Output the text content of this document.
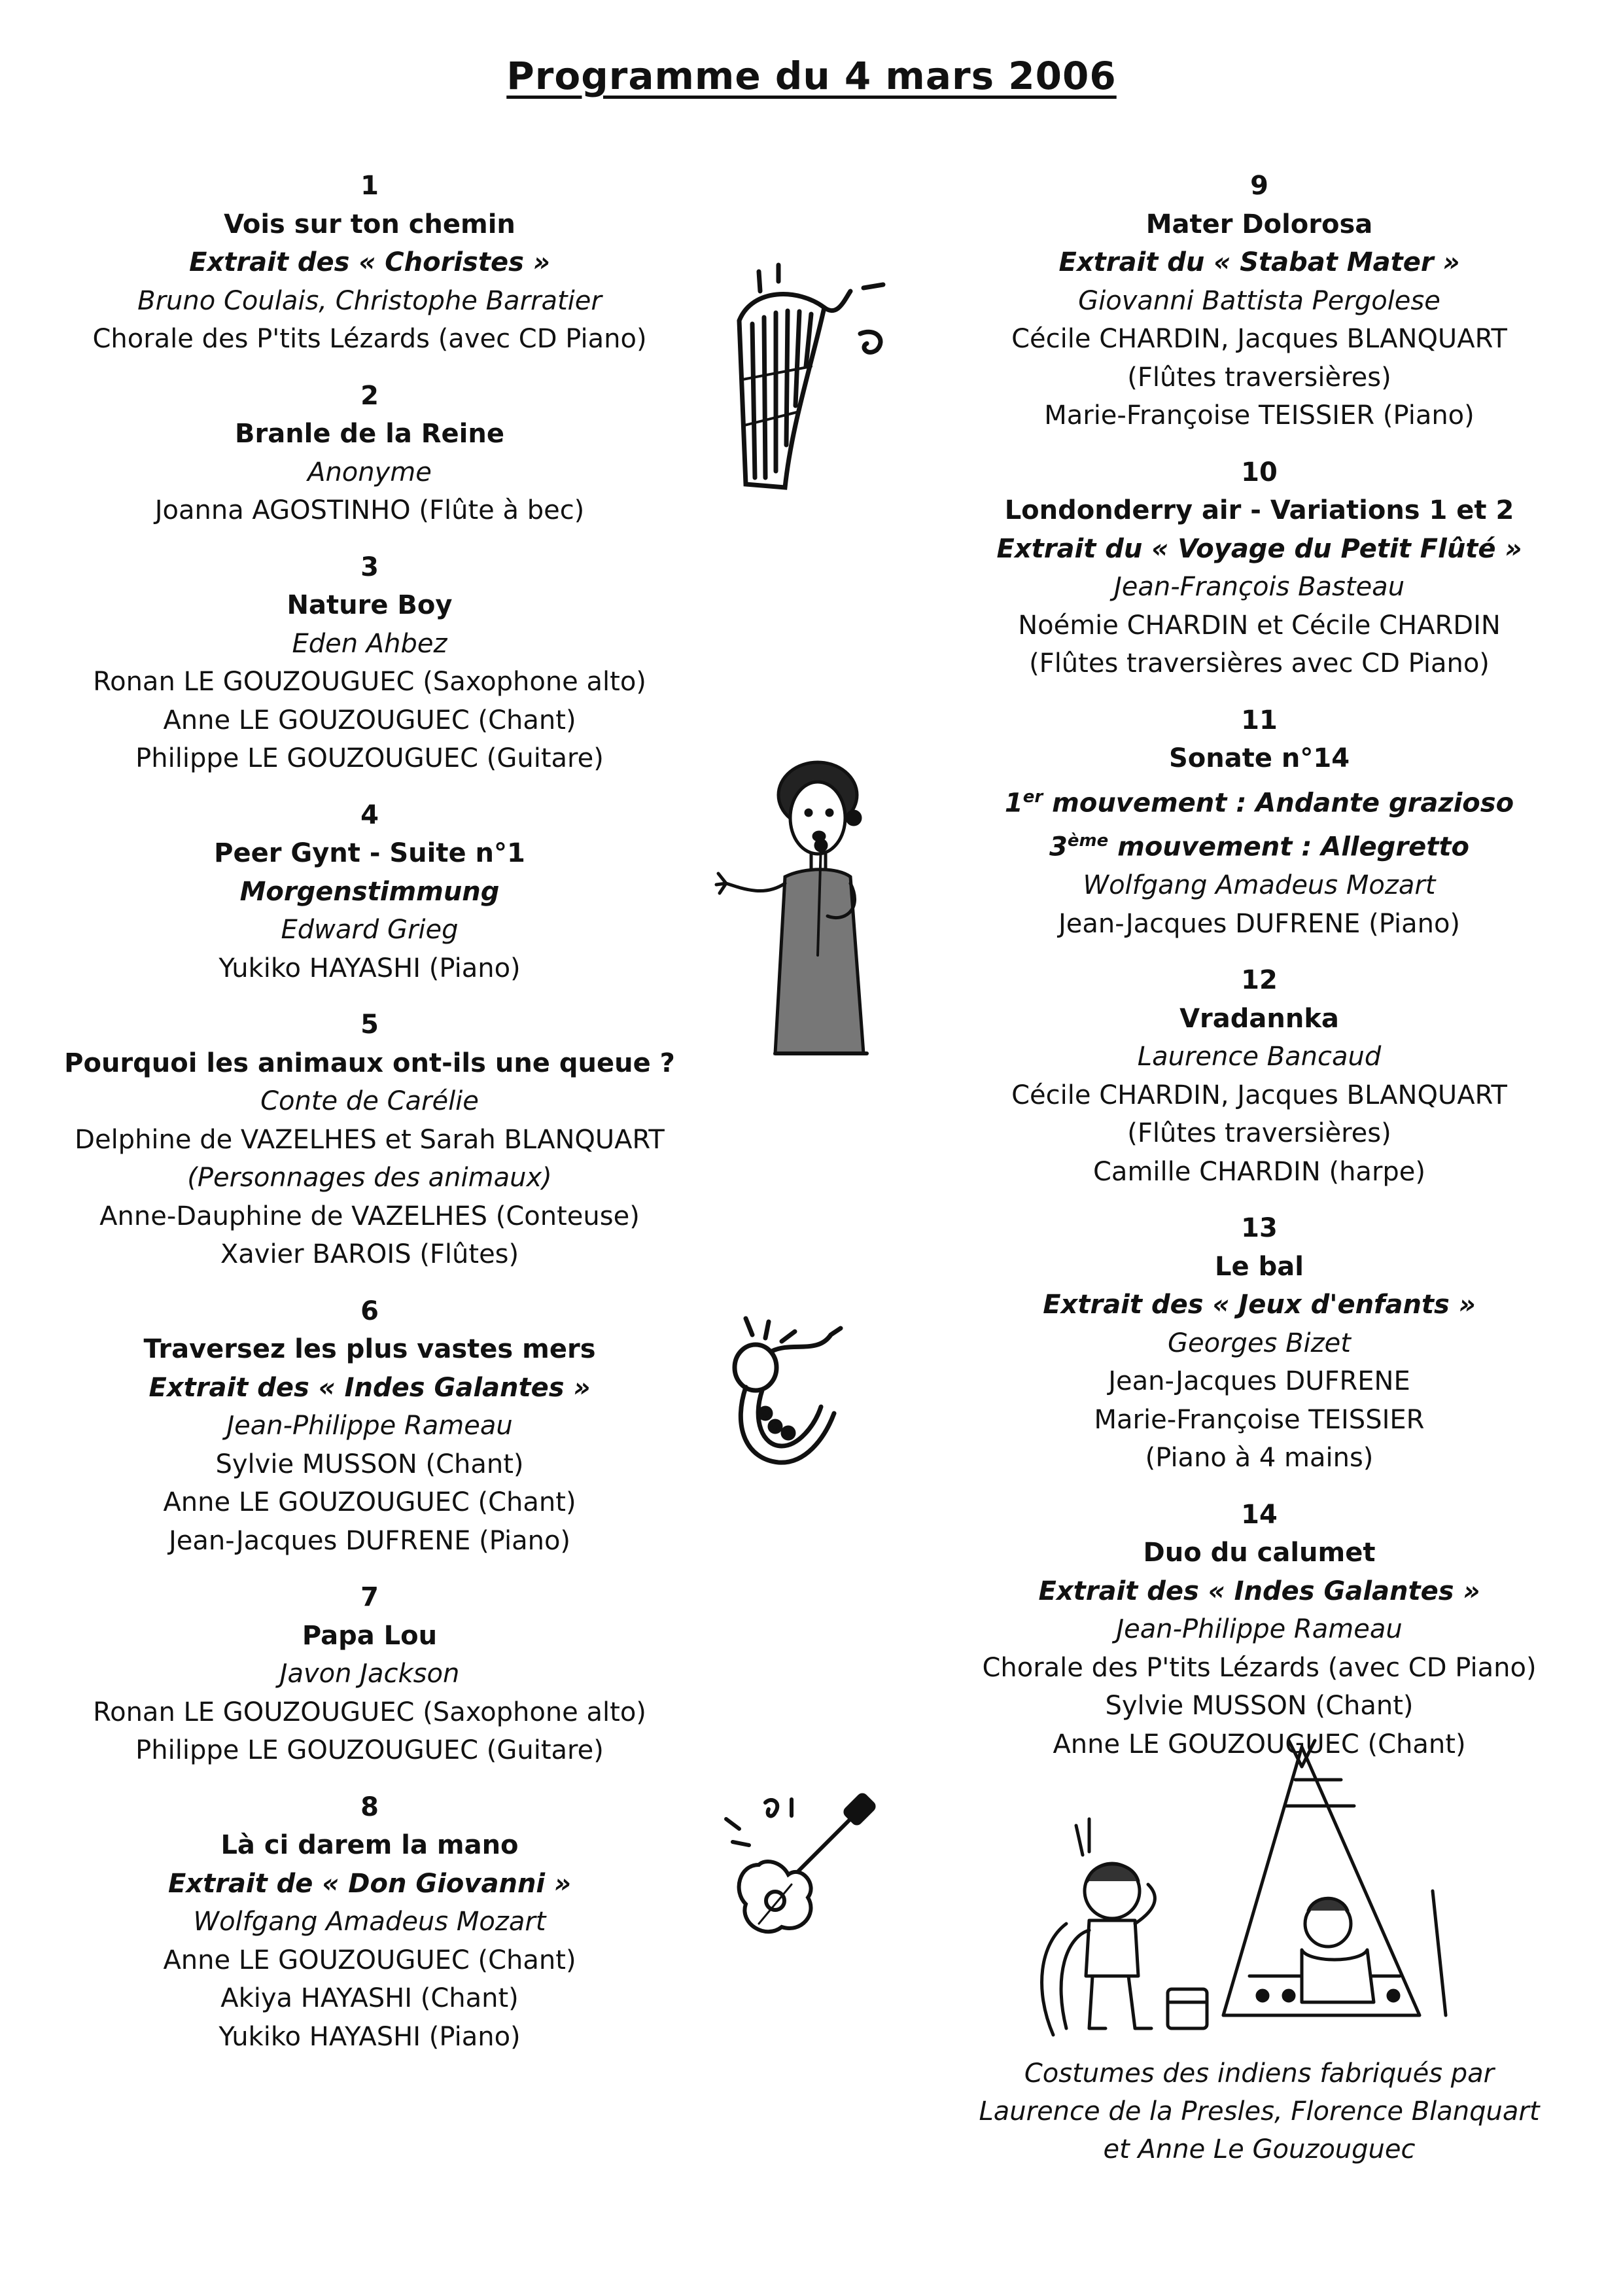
Programme du 4 mars 2006
1
Vois sur ton chemin
Extrait des « Choristes »
Bruno Coulais, Christophe Barratier
Chorale des P'tits Lézards (avec CD Piano)
2
Branle de la Reine
Anonyme
Joanna AGOSTINHO (Flûte à bec)
3
Nature Boy
Eden Ahbez
Ronan LE GOUZOUGUEC (Saxophone alto)
Anne LE GOUZOUGUEC (Chant)
Philippe LE GOUZOUGUEC (Guitare)
4
Peer Gynt - Suite n°1
Morgenstimmung
Edward Grieg
Yukiko HAYASHI (Piano)
5
Pourquoi les animaux ont-ils une queue ?
Conte de Carélie
Delphine de VAZELHES et Sarah BLANQUART
(Personnages des animaux)
Anne-Dauphine de VAZELHES (Conteuse)
Xavier BAROIS (Flûtes)
6
Traversez les plus vastes mers
Extrait des « Indes Galantes »
Jean-Philippe Rameau
Sylvie MUSSON (Chant)
Anne LE GOUZOUGUEC (Chant)
Jean-Jacques DUFRENE (Piano)
7
Papa Lou
Javon Jackson
Ronan LE GOUZOUGUEC (Saxophone alto)
Philippe LE GOUZOUGUEC (Guitare)
8
Là ci darem la mano
Extrait de « Don Giovanni »
Wolfgang Amadeus Mozart
Anne LE GOUZOUGUEC (Chant)
Akiya HAYASHI (Chant)
Yukiko HAYASHI (Piano)
9
Mater Dolorosa
Extrait du « Stabat Mater »
Giovanni Battista Pergolese
Cécile CHARDIN, Jacques BLANQUART
(Flûtes traversières)
Marie-Françoise TEISSIER (Piano)
10
Londonderry air - Variations 1 et 2
Extrait du « Voyage du Petit Flûté »
Jean-François Basteau
Noémie CHARDIN et Cécile CHARDIN
(Flûtes traversières avec CD Piano)
11
Sonate n°14
1er mouvement : Andante grazioso
3ème mouvement : Allegretto
Wolfgang Amadeus Mozart
Jean-Jacques DUFRENE (Piano)
12
Vradannka
Laurence Bancaud
Cécile CHARDIN, Jacques BLANQUART
(Flûtes traversières)
Camille CHARDIN (harpe)
13
Le bal
Extrait des « Jeux d'enfants »
Georges Bizet
Jean-Jacques DUFRENE
Marie-Françoise TEISSIER
(Piano à 4 mains)
14
Duo du calumet
Extrait des « Indes Galantes »
Jean-Philippe Rameau
Chorale des P'tits Lézards (avec CD Piano)
Sylvie MUSSON (Chant)
Anne LE GOUZOUGUEC (Chant)
Costumes des indiens fabriqués par
Laurence de la Presles, Florence Blanquart
et Anne Le Gouzouguec
